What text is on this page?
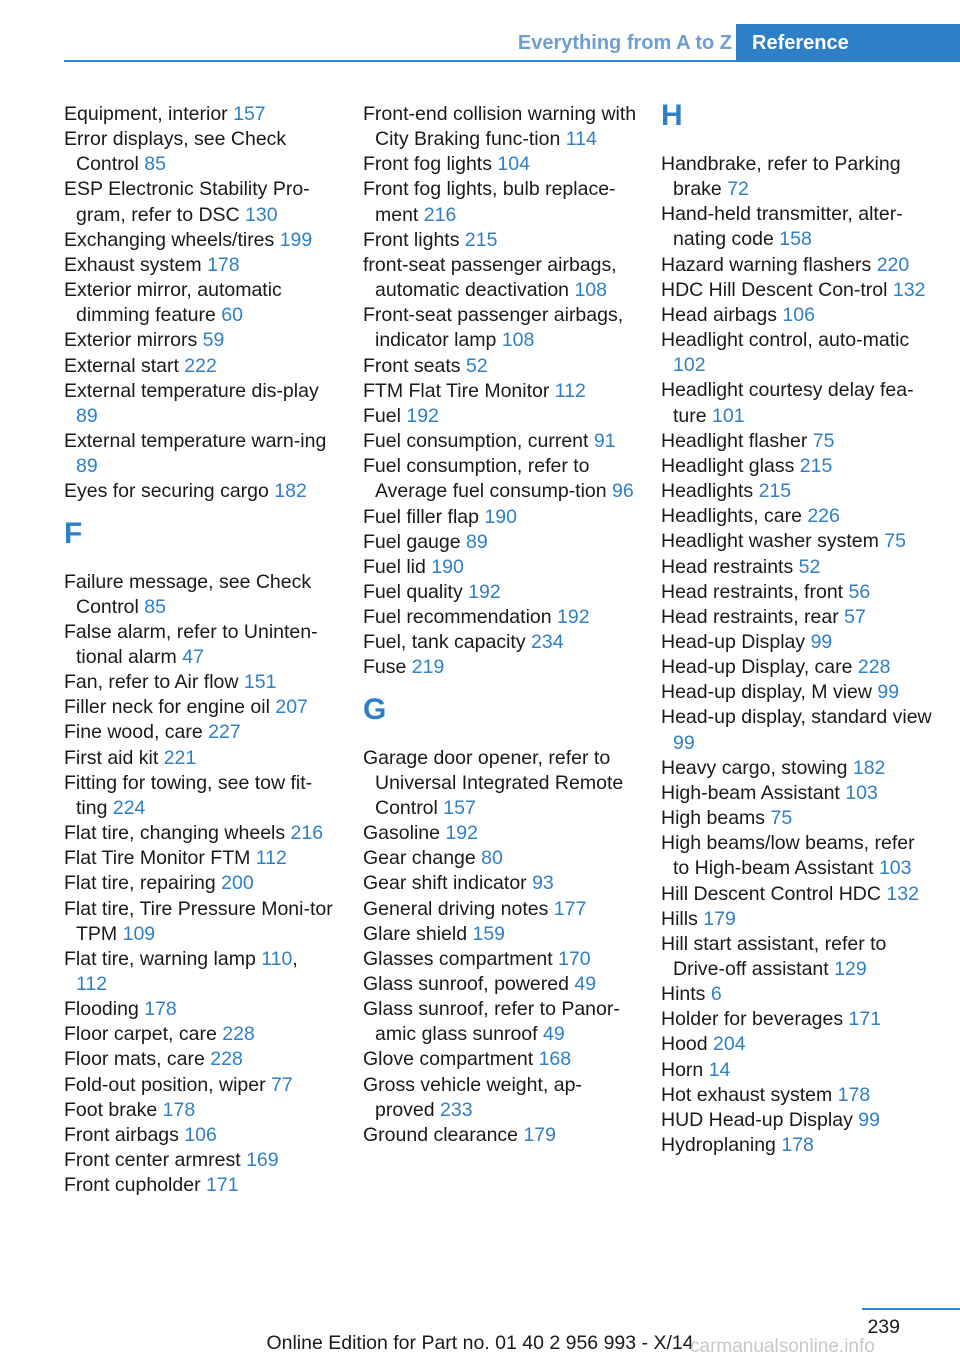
Everything from A to Z	Reference
Equipment, interior 157
Error displays, see Check Control 85
ESP Electronic Stability Pro‐gram, refer to DSC 130
Exchanging wheels/tires 199
Exhaust system 178
Exterior mirror, automatic dimming feature 60
Exterior mirrors 59
External start 222
External temperature dis‐play 89
External temperature warn‐ing 89
Eyes for securing cargo 182
F
Failure message, see Check Control 85
False alarm, refer to Uninten‐tional alarm 47
Fan, refer to Air flow 151
Filler neck for engine oil 207
Fine wood, care 227
First aid kit 221
Fitting for towing, see tow fit‐ting 224
Flat tire, changing wheels 216
Flat Tire Monitor FTM 112
Flat tire, repairing 200
Flat tire, Tire Pressure Moni‐tor TPM 109
Flat tire, warning lamp 110, 112
Flooding 178
Floor carpet, care 228
Floor mats, care 228
Fold-out position, wiper 77
Foot brake 178
Front airbags 106
Front center armrest 169
Front cupholder 171
Front-end collision warning with City Braking func‐tion 114
Front fog lights 104
Front fog lights, bulb replace‐ment 216
Front lights 215
front-seat passenger airbags, automatic deactivation 108
Front-seat passenger airbags, indicator lamp 108
Front seats 52
FTM Flat Tire Monitor 112
Fuel 192
Fuel consumption, current 91
Fuel consumption, refer to Average fuel consump‐tion 96
Fuel filler flap 190
Fuel gauge 89
Fuel lid 190
Fuel quality 192
Fuel recommendation 192
Fuel, tank capacity 234
Fuse 219
G
Garage door opener, refer to Universal Integrated Remote Control 157
Gasoline 192
Gear change 80
Gear shift indicator 93
General driving notes 177
Glare shield 159
Glasses compartment 170
Glass sunroof, powered 49
Glass sunroof, refer to Panor‐amic glass sunroof 49
Glove compartment 168
Gross vehicle weight, ap‐proved 233
Ground clearance 179
H
Handbrake, refer to Parking brake 72
Hand-held transmitter, alter‐nating code 158
Hazard warning flashers 220
HDC Hill Descent Con‐trol 132
Head airbags 106
Headlight control, auto‐matic 102
Headlight courtesy delay fea‐ture 101
Headlight flasher 75
Headlight glass 215
Headlights 215
Headlights, care 226
Headlight washer system 75
Head restraints 52
Head restraints, front 56
Head restraints, rear 57
Head-up Display 99
Head-up Display, care 228
Head-up display, M view 99
Head-up display, standard view 99
Heavy cargo, stowing 182
High-beam Assistant 103
High beams 75
High beams/low beams, refer to High-beam Assistant 103
Hill Descent Control HDC 132
Hills 179
Hill start assistant, refer to Drive-off assistant 129
Hints 6
Holder for beverages 171
Hood 204
Horn 14
Hot exhaust system 178
HUD Head-up Display 99
Hydroplaning 178
239
Online Edition for Part no. 01 40 2 956 993 - X/14
carmanualsonline.info
